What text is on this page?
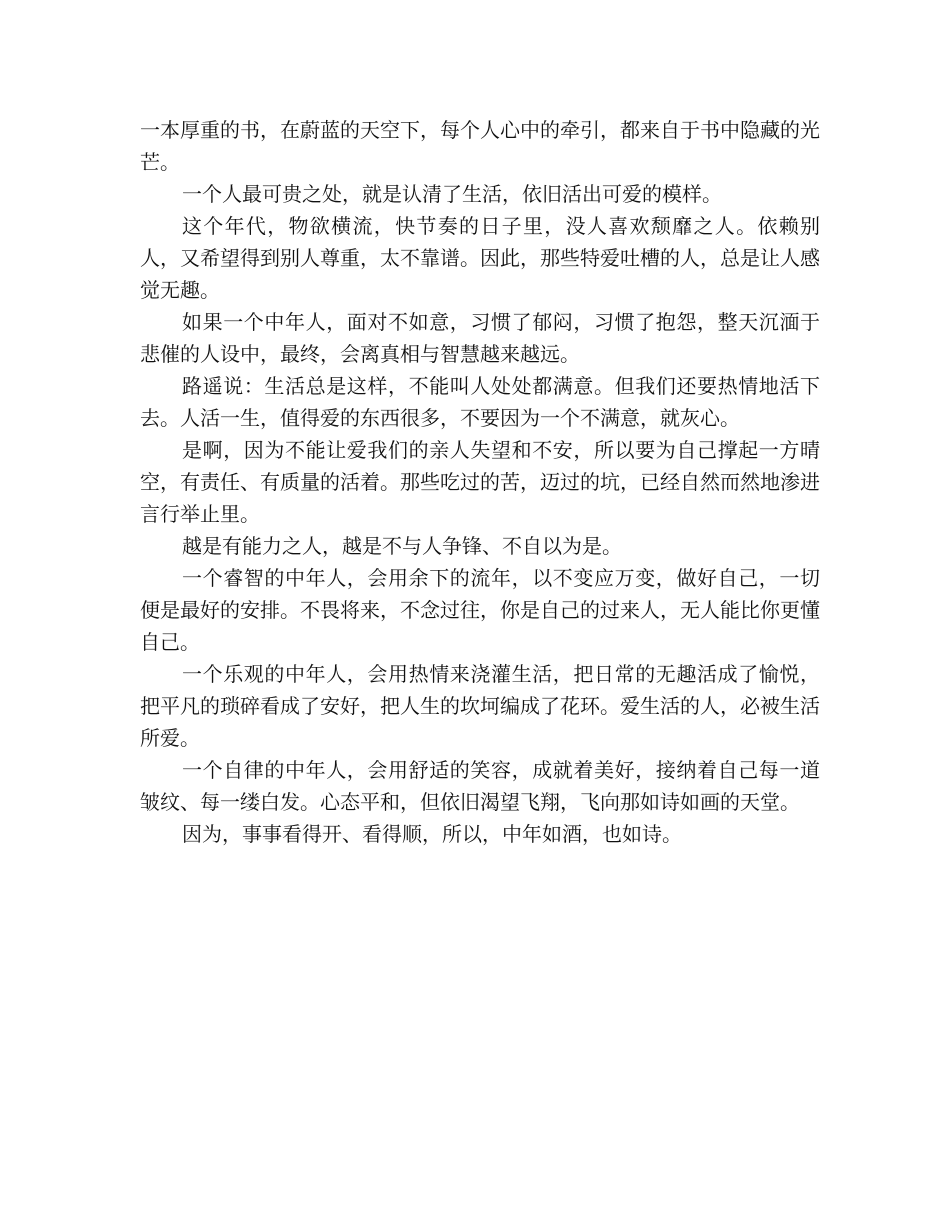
一本厚重的书，在蔚蓝的天空下，每个人心中的牵引，都来自于书中隐藏的光芒。

一个人最可贵之处，就是认清了生活，依旧活出可爱的模样。

这个年代，物欲横流，快节奏的日子里，没人喜欢颓靡之人。依赖别人，又希望得到别人尊重，太不靠谱。因此，那些特爱吐槽的人，总是让人感觉无趣。

如果一个中年人，面对不如意，习惯了郁闷，习惯了抱怨，整天沉湎于悲催的人设中，最终，会离真相与智慧越来越远。

路遥说：生活总是这样，不能叫人处处都满意。但我们还要热情地活下去。人活一生，值得爱的东西很多，不要因为一个不满意，就灰心。

是啊，因为不能让爱我们的亲人失望和不安，所以要为自己撑起一方晴空，有责任、有质量的活着。那些吃过的苦，迈过的坑，已经自然而然地渗进言行举止里。

越是有能力之人，越是不与人争锋、不自以为是。

一个睿智的中年人，会用余下的流年，以不变应万变，做好自己，一切便是最好的安排。不畏将来，不念过往，你是自己的过来人，无人能比你更懂自己。

一个乐观的中年人，会用热情来浇灌生活，把日常的无趣活成了愉悦，把平凡的琐碎看成了安好，把人生的坎坷编成了花环。爱生活的人，必被生活所爱。

一个自律的中年人，会用舒适的笑容，成就着美好，接纳着自己每一道皱纹、每一缕白发。心态平和，但依旧渴望飞翔，飞向那如诗如画的天堂。

因为，事事看得开、看得顺，所以，中年如酒，也如诗。
